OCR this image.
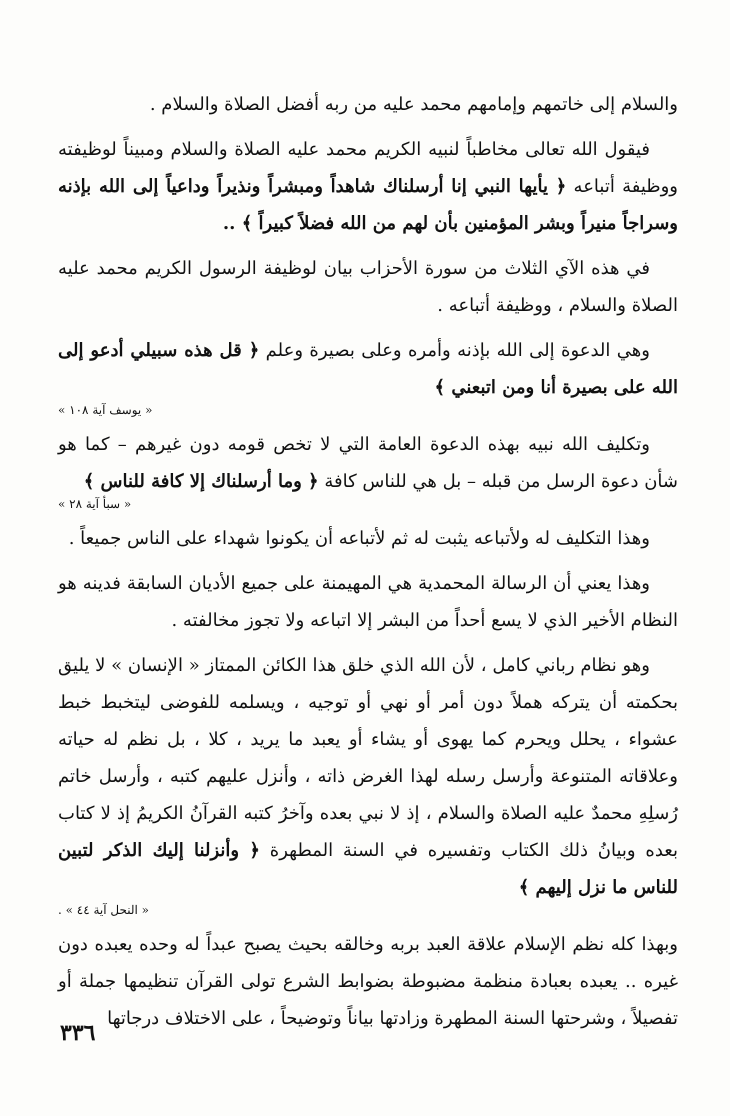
والسلام إلى خاتمهم وإمامهم محمد عليه من ربه أفضل الصلاة والسلام .

فيقول الله تعالى مخاطباً لنبيه الكريم محمد عليه الصلاة والسلام ومبيناً لوظيفته ووظيفة أتباعه ﴿ يأيها النبي إنا أرسلناك شاهداً ومبشراً ونذيراً وداعياً إلى الله بإذنه وسراجاً منيراً وبشر المؤمنين بأن لهم من الله فضلاً كبيراً ﴾ ..

في هذه الآي الثلاث من سورة الأحزاب بيان لوظيفة الرسول الكريم محمد عليه الصلاة والسلام ، ووظيفة أتباعه .

وهي الدعوة إلى الله بإذنه وأمره وعلى بصيرة وعلم ﴿ قل هذه سبيلي أدعو إلى الله على بصيرة أنا ومن اتبعني ﴾
« يوسف آية ١٠٨ »

وتكليف الله نبيه بهذه الدعوة العامة التي لا تخص قومه دون غيرهم – كما هو شأن دعوة الرسل من قبله – بل هي للناس كافة ﴿ وما أرسلناك إلا كافة للناس ﴾
« سبأ آية ٢٨ »

وهذا التكليف له ولأتباعه يثبت له ثم لأتباعه أن يكونوا شهداء على الناس جميعاً .

وهذا يعني أن الرسالة المحمدية هي المهيمنة على جميع الأديان السابقة فدينه هو النظام الأخير الذي لا يسع أحداً من البشر إلا اتباعه ولا تجوز مخالفته .

وهو نظام رباني كامل ، لأن الله الذي خلق هذا الكائن الممتاز « الإنسان » لا يليق بحكمته أن يتركه هملاً دون أمر أو نهي أو توجيه ، ويسلمه للفوضى ليتخبط خبط عشواء ، يحلل ويحرم كما يهوى أو يشاء أو يعبد ما يريد ، كلا ، بل نظم له حياته وعلاقاته المتنوعة وأرسل رسله لهذا الغرض ذاته ، وأنزل عليهم كتبه ، وأرسل خاتم رُسلِهِ محمدٌ عليه الصلاة والسلام ، إذ لا نبي بعده وآخرُ كتبه القرآنُ الكريمُ إذ لا كتاب بعده وبيانُ ذلك الكتاب وتفسيره في السنة المطهرة ﴿ وأنزلنا إليك الذكر لتبين للناس ما نزل إليهم ﴾
« النحل آية ٤٤ » .

وبهذا كله نظم الإسلام علاقة العبد بربه وخالقه بحيث يصبح عبداً له وحده يعبده دون غيره .. يعبده بعبادة منظمة مضبوطة بضوابط الشرع تولى القرآن تنظيمها جملة أو تفصيلاً ، وشرحتها السنة المطهرة وزادتها بياناً وتوضيحاً ، على الاختلاف درجاتها

٣٣٦
